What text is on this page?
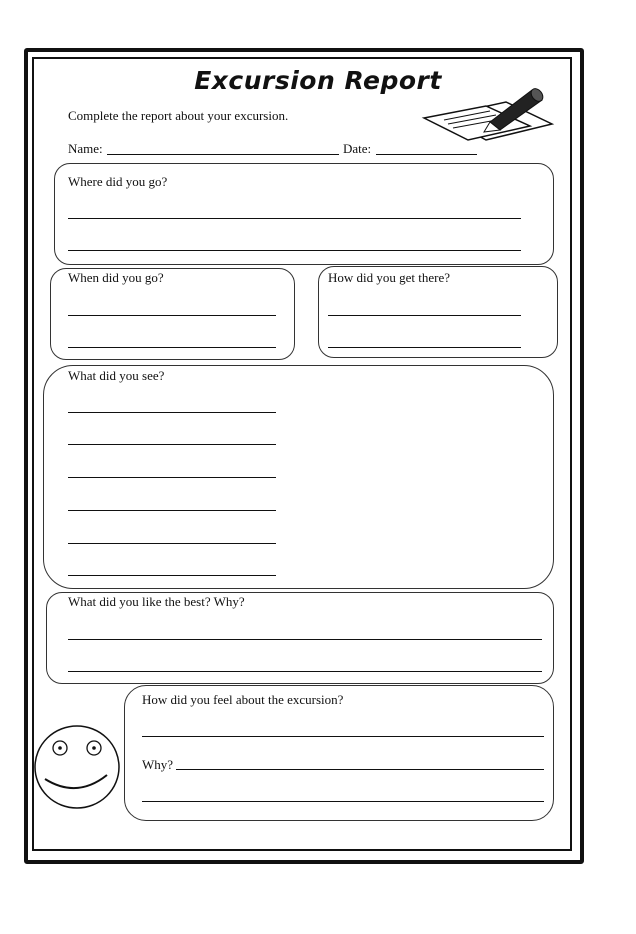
Excursion Report
Complete the report about your excursion.
Name:	Date:
Where did you go?
When did you go?	How did you get there?
What did you see?
What did you like the best? Why?
How did you feel about the excursion?
Why?
